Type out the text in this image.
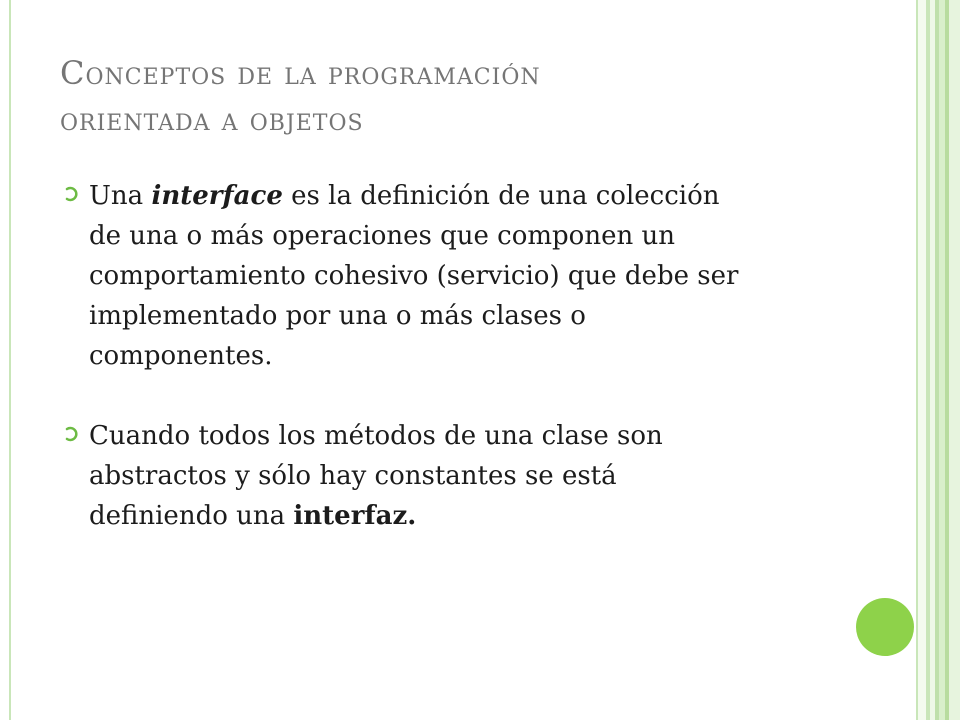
Conceptos de la programación
orientada a objetos
Una interface es la definición de una colección
de una o más operaciones que componen un
comportamiento cohesivo (servicio) que debe ser
implementado por una o más clases o
componentes.
Cuando todos los métodos de una clase son
abstractos y sólo hay constantes se está
definiendo una interfaz.
